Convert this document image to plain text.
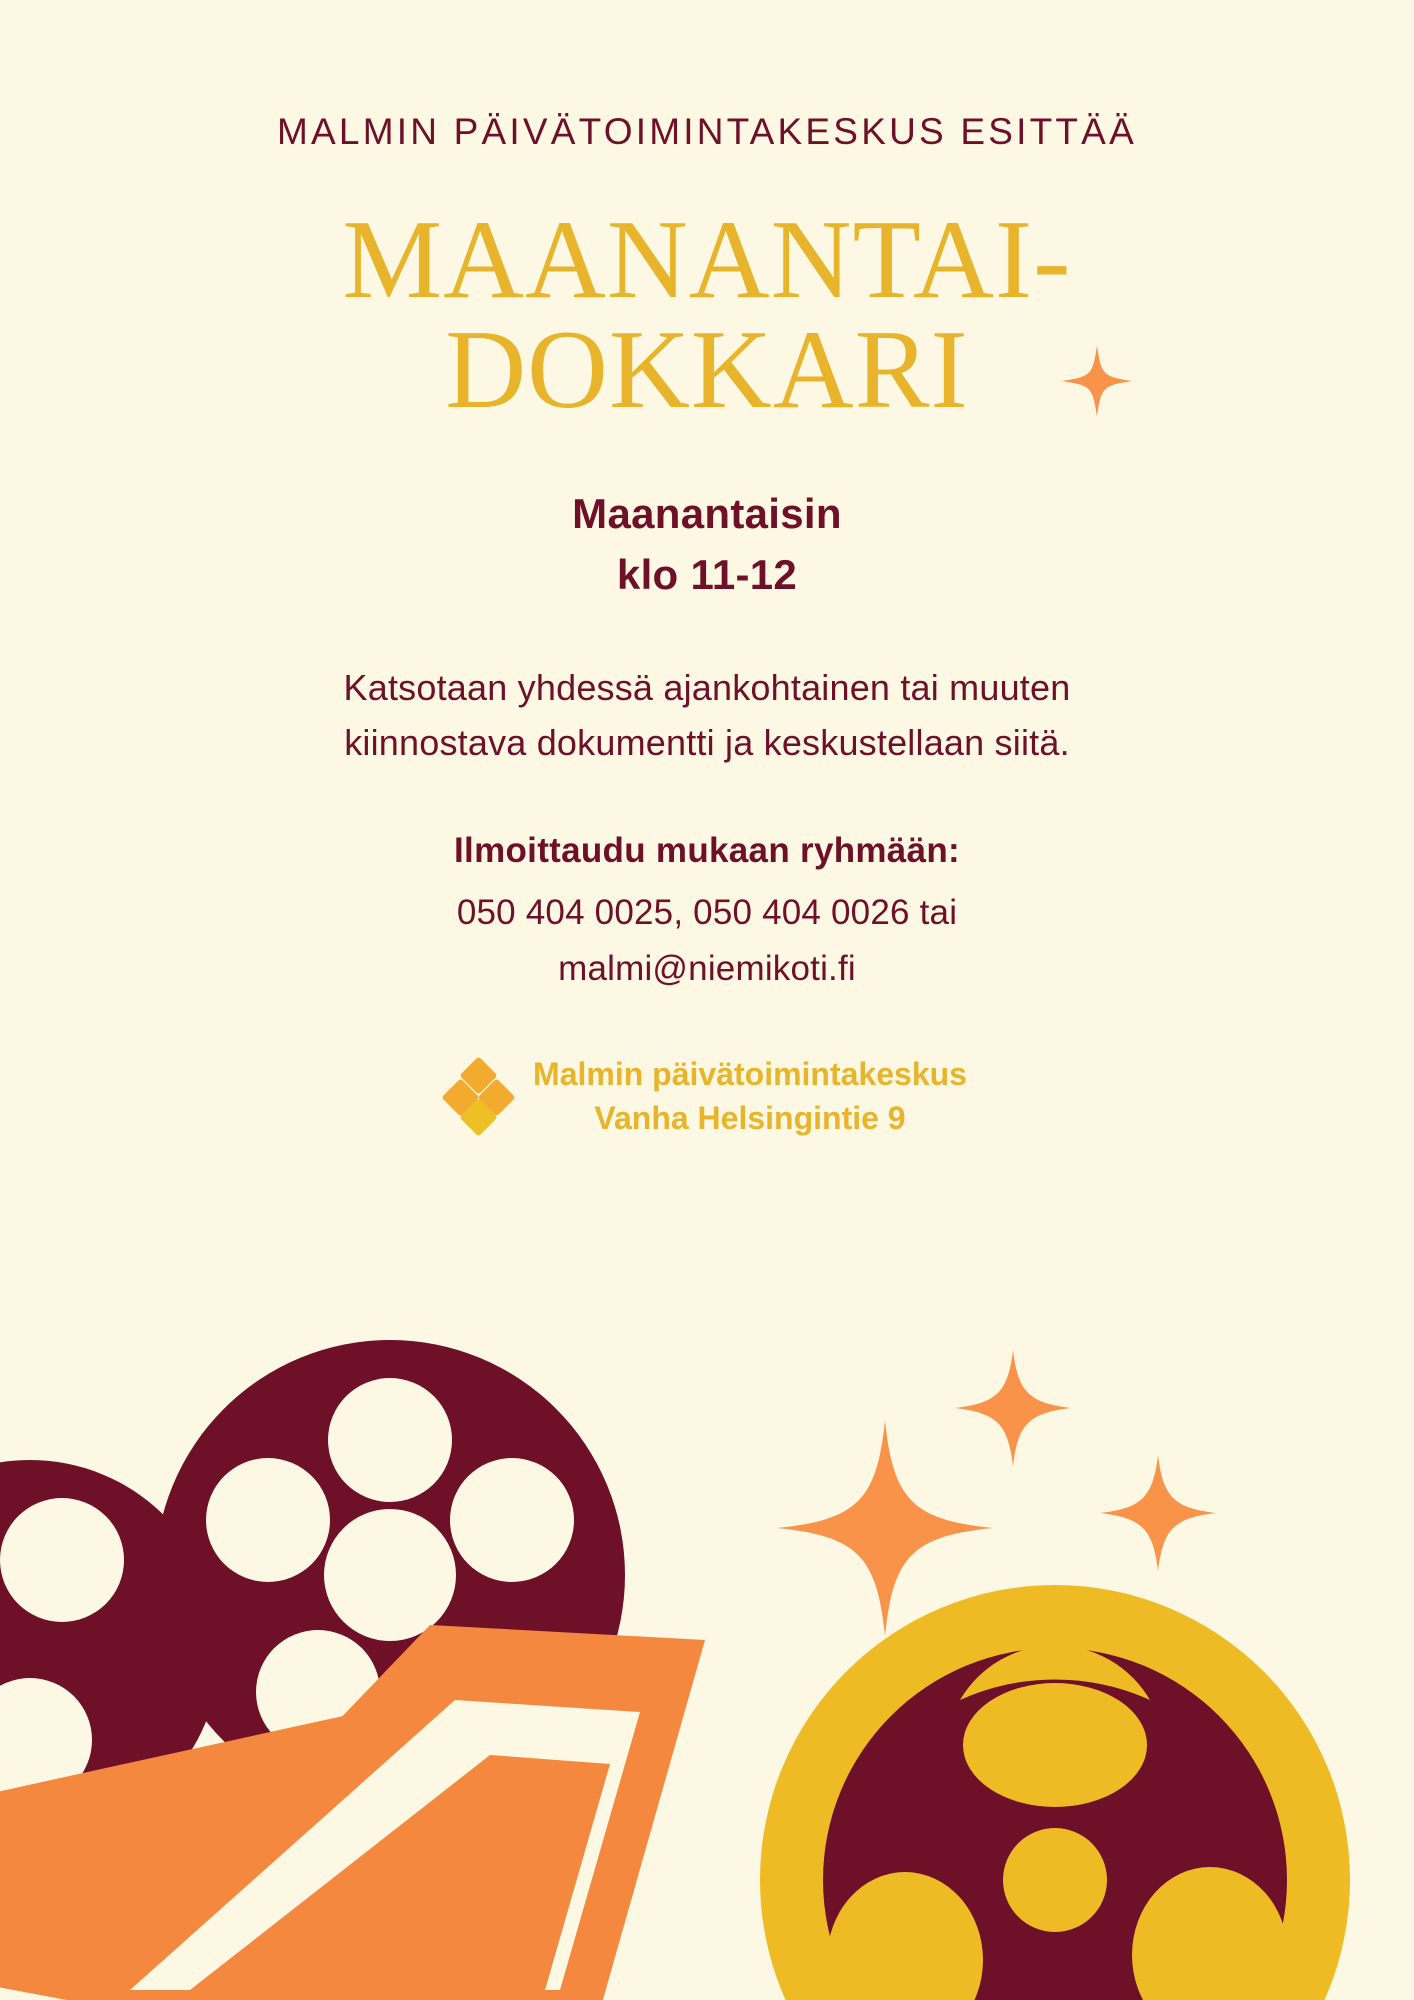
MALMIN PÄIVÄTOIMINTAKESKUS ESITTÄÄ
MAANANTAI-
DOKKARI
Maanantaisin
klo 11-12
Katsotaan yhdessä ajankohtainen tai muuten kiinnostava dokumentti ja keskustellaan siitä.
Ilmoittaudu mukaan ryhmään:
050 404 0025, 050 404 0026 tai
malmi@niemikoti.fi
Malmin päivätoimintakeskus
Vanha Helsingintie 9
